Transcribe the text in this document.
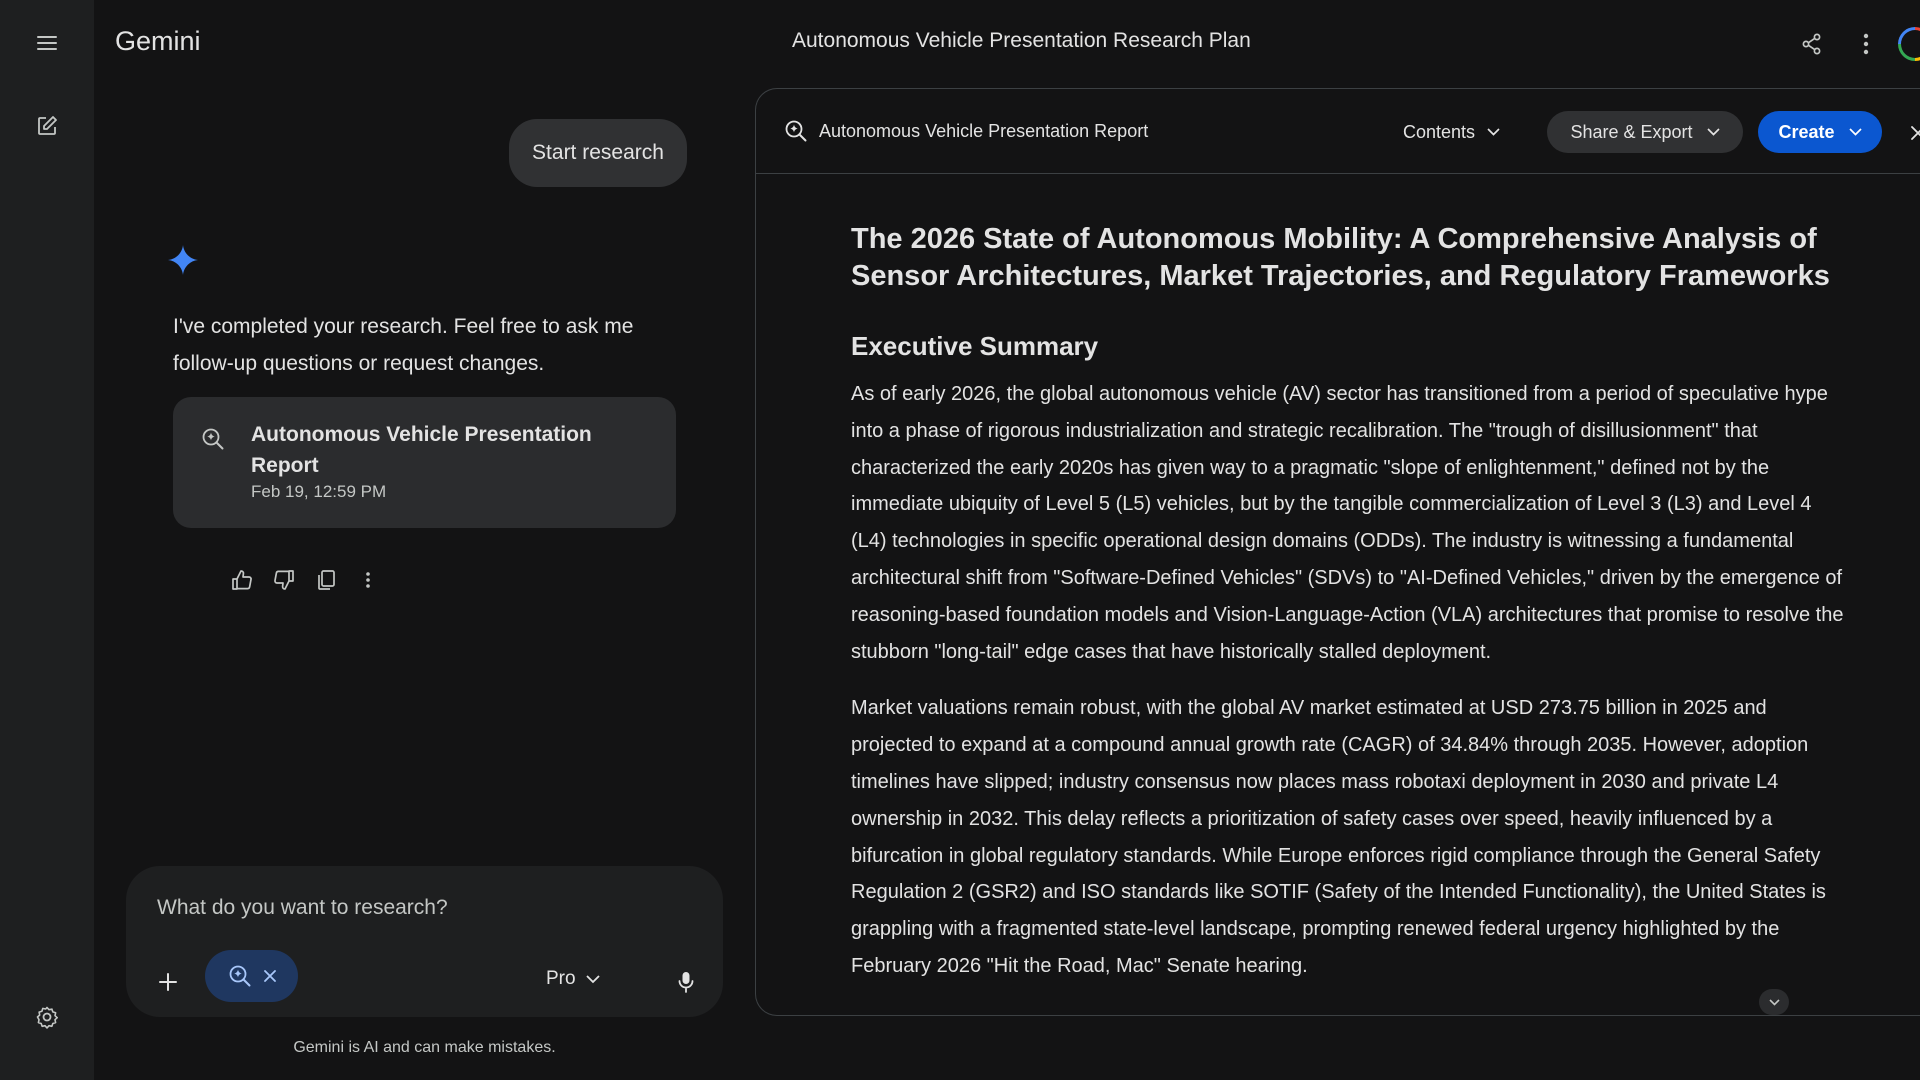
Gemini	Autonomous Vehicle Presentation Research Plan
Start research
I've completed your research. Feel free to ask me follow-up questions or request changes.
Autonomous Vehicle Presentation Report
Feb 19, 12:59 PM
What do you want to research?
Pro
Gemini is AI and can make mistakes.
Autonomous Vehicle Presentation Report	Contents	Share & Export	Create
The 2026 State of Autonomous Mobility: A Comprehensive Analysis of Sensor Architectures, Market Trajectories, and Regulatory Frameworks
Executive Summary

As of early 2026, the global autonomous vehicle (AV) sector has transitioned from a period of speculative hype into a phase of rigorous industrialization and strategic recalibration. The "trough of disillusionment" that characterized the early 2020s has given way to a pragmatic "slope of enlightenment," defined not by the immediate ubiquity of Level 5 (L5) vehicles, but by the tangible commercialization of Level 3 (L3) and Level 4 (L4) technologies in specific operational design domains (ODDs). The industry is witnessing a fundamental architectural shift from "Software-Defined Vehicles" (SDVs) to "AI-Defined Vehicles," driven by the emergence of reasoning-based foundation models and Vision-Language-Action (VLA) architectures that promise to resolve the stubborn "long-tail" edge cases that have historically stalled deployment.

Market valuations remain robust, with the global AV market estimated at USD 273.75 billion in 2025 and projected to expand at a compound annual growth rate (CAGR) of 34.84% through 2035. However, adoption timelines have slipped; industry consensus now places mass robotaxi deployment in 2030 and private L4 ownership in 2032. This delay reflects a prioritization of safety cases over speed, heavily influenced by a bifurcation in global regulatory standards. While Europe enforces rigid compliance through the General Safety Regulation 2 (GSR2) and ISO standards like SOTIF (Safety of the Intended Functionality), the United States is grappling with a fragmented state-level landscape, prompting renewed federal urgency highlighted by the February 2026 "Hit the Road, Mac" Senate hearing.
